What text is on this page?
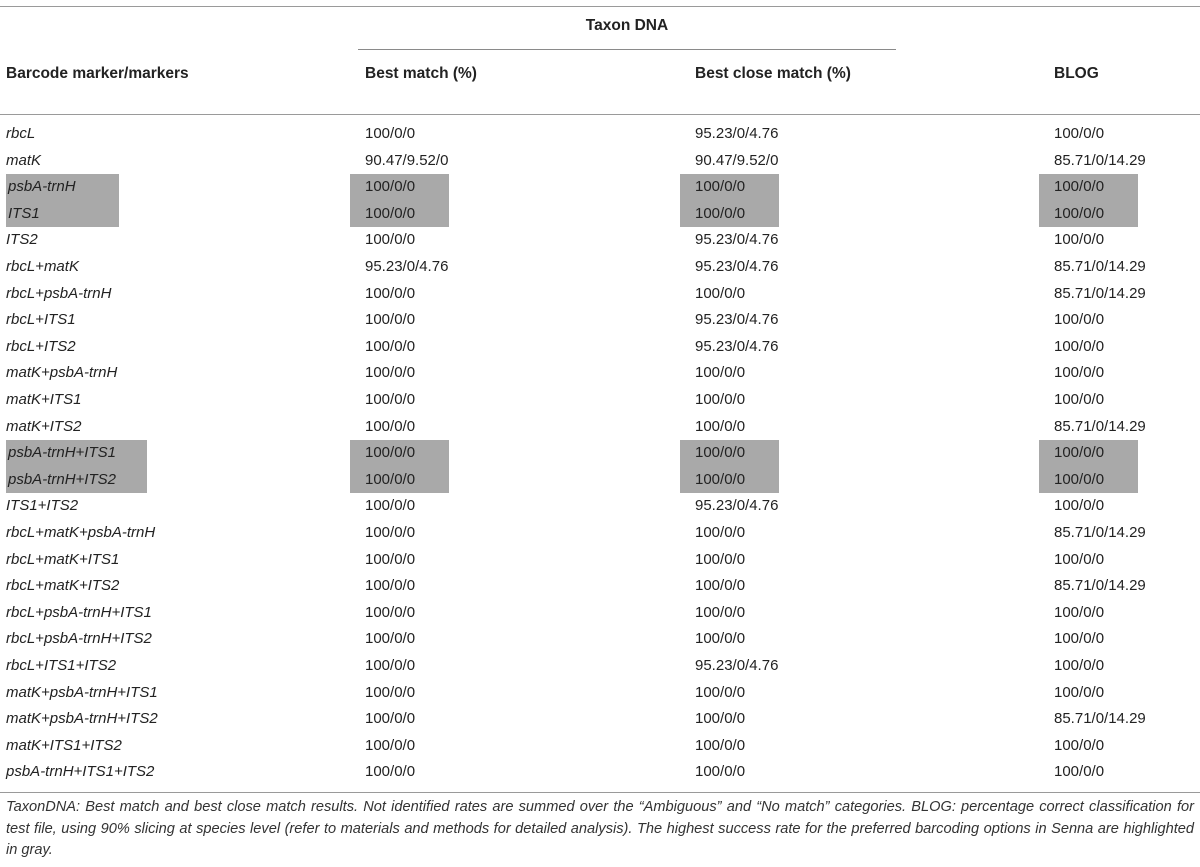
Taxon DNA
Barcode marker/markers	Best match (%)	Best close match (%)	BLOG
rbcL	100/0/0	95.23/0/4.76	100/0/0
matK	90.47/9.52/0	90.47/9.52/0	85.71/0/14.29
psbA-trnH	100/0/0	100/0/0	100/0/0
ITS1	100/0/0	100/0/0	100/0/0
ITS2	100/0/0	95.23/0/4.76	100/0/0
rbcL+matK	95.23/0/4.76	95.23/0/4.76	85.71/0/14.29
rbcL+psbA-trnH	100/0/0	100/0/0	85.71/0/14.29
rbcL+ITS1	100/0/0	95.23/0/4.76	100/0/0
rbcL+ITS2	100/0/0	95.23/0/4.76	100/0/0
matK+psbA-trnH	100/0/0	100/0/0	100/0/0
matK+ITS1	100/0/0	100/0/0	100/0/0
matK+ITS2	100/0/0	100/0/0	85.71/0/14.29
psbA-trnH+ITS1	100/0/0	100/0/0	100/0/0
psbA-trnH+ITS2	100/0/0	100/0/0	100/0/0
ITS1+ITS2	100/0/0	95.23/0/4.76	100/0/0
rbcL+matK+psbA-trnH	100/0/0	100/0/0	85.71/0/14.29
rbcL+matK+ITS1	100/0/0	100/0/0	100/0/0
rbcL+matK+ITS2	100/0/0	100/0/0	85.71/0/14.29
rbcL+psbA-trnH+ITS1	100/0/0	100/0/0	100/0/0
rbcL+psbA-trnH+ITS2	100/0/0	100/0/0	100/0/0
rbcL+ITS1+ITS2	100/0/0	95.23/0/4.76	100/0/0
matK+psbA-trnH+ITS1	100/0/0	100/0/0	100/0/0
matK+psbA-trnH+ITS2	100/0/0	100/0/0	85.71/0/14.29
matK+ITS1+ITS2	100/0/0	100/0/0	100/0/0
psbA-trnH+ITS1+ITS2	100/0/0	100/0/0	100/0/0
TaxonDNA: Best match and best close match results. Not identified rates are summed over the “Ambiguous” and “No match” categories. BLOG: percentage correct classification for test file, using 90% slicing at species level (refer to materials and methods for detailed analysis). The highest success rate for the preferred barcoding options in Senna are highlighted in gray.
